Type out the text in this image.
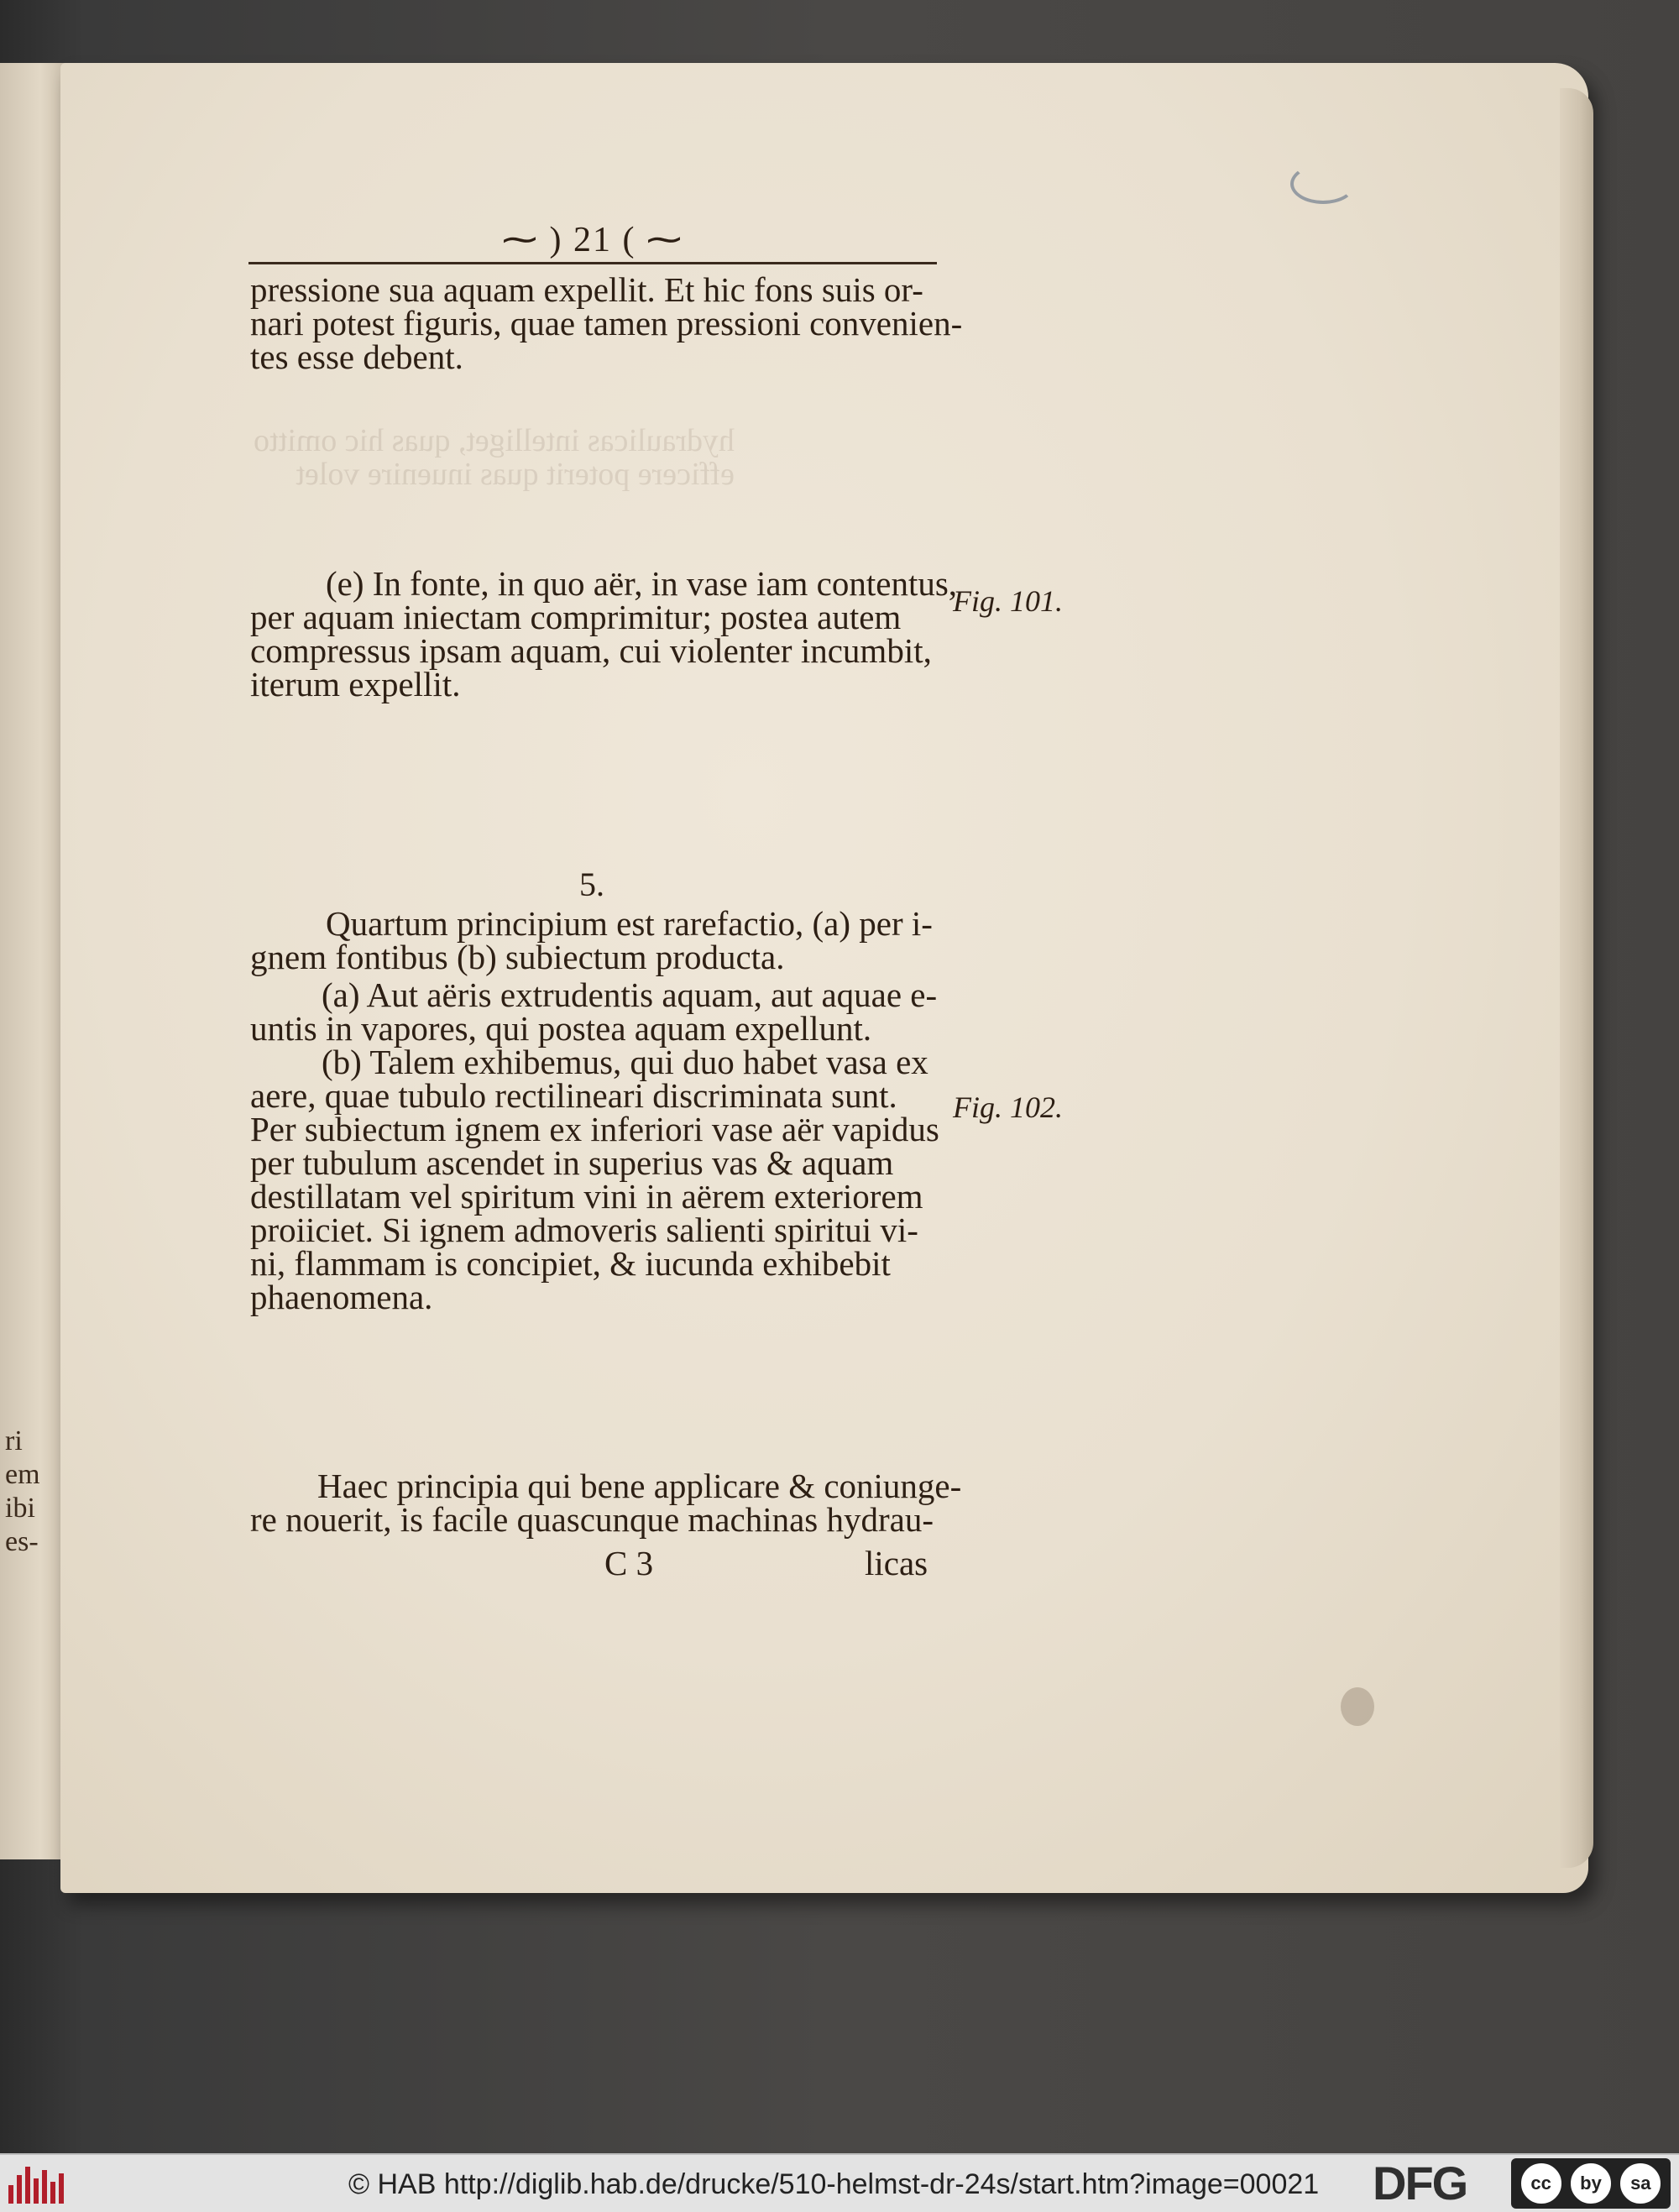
ri
em
ibi
es-
hydraulicas intelliget, quas hic omitto
efficere poterit quas inuenire volet
⁓ ) 21 ( ⁓
pressione sua aquam expellit. Et hic fons suis or-
nari potest figuris, quae tamen pressioni convenien-
tes esse debent.
(e) In fonte, in quo aër, in vase iam contentus,
per aquam iniectam comprimitur; postea autem
compressus ipsam aquam, cui violenter incumbit,
iterum expellit.
Fig. 101.
5.
Quartum principium est rarefactio, (a) per i-
gnem fontibus (b) subiectum producta.
(a) Aut aëris extrudentis aquam, aut aquae e-
untis in vapores, qui postea aquam expellunt.
(b) Talem exhibemus, qui duo habet vasa ex
aere, quae tubulo rectilineari discriminata sunt.
Per subiectum ignem ex inferiori vase aër vapidus
per tubulum ascendet in superius vas & aquam
destillatam vel spiritum vini in aërem exteriorem
proiiciet. Si ignem admoveris salienti spiritui vi-
ni, flammam is concipiet, & iucunda exhibebit
phaenomena.
Fig. 102.
Haec principia qui bene applicare & coniunge-
re nouerit, is facile quascunque machinas hydrau-
C 3	licas
© HAB http://diglib.hab.de/drucke/510-helmst-dr-24s/start.htm?image=00021 DFG	cc	by	sa
